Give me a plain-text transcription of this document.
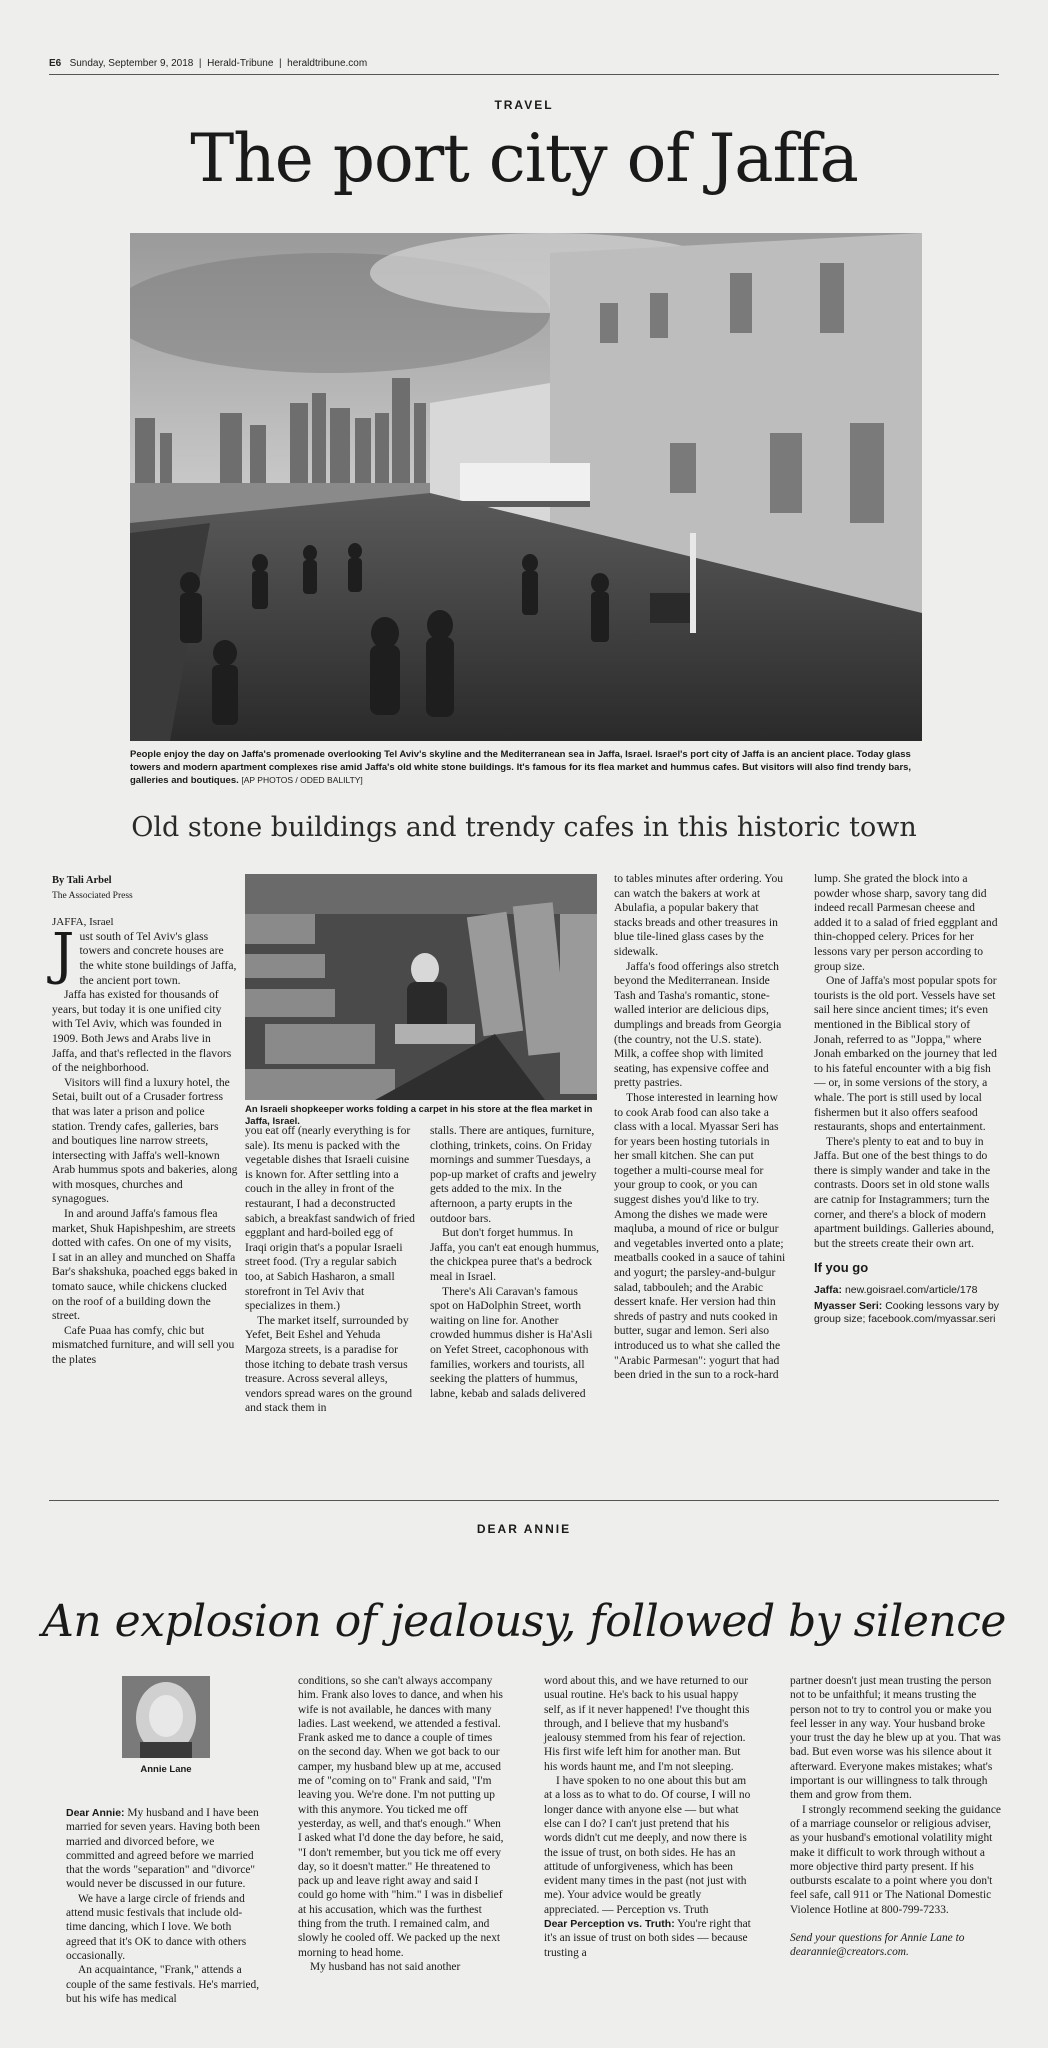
E6 Sunday, September 9, 2018  |  Herald-Tribune  |  heraldtribune.com
TRAVEL
The port city of Jaffa
People enjoy the day on Jaffa's promenade overlooking Tel Aviv's skyline and the Mediterranean sea in Jaffa, Israel. Israel's port city of Jaffa is an ancient place. Today glass towers and modern apartment complexes rise amid Jaffa's old white stone buildings. It's famous for its flea market and hummus cafes. But visitors will also find trendy bars, galleries and boutiques. [AP PHOTOS / ODED BALILTY]
Old stone buildings and trendy cafes in this historic town
By Tali Arbel
The Associated Press
JAFFA, Israel

Just south of Tel Aviv's glass towers and concrete houses are the white stone buildings of Jaffa, the ancient port town.

Jaffa has existed for thousands of years, but today it is one unified city with Tel Aviv, which was founded in 1909. Both Jews and Arabs live in Jaffa, and that's reflected in the flavors of the neighborhood.

Visitors will find a luxury hotel, the Setai, built out of a Crusader fortress that was later a prison and police station. Trendy cafes, galleries, bars and boutiques line narrow streets, intersecting with Jaffa's well-known Arab hummus spots and bakeries, along with mosques, churches and synagogues.

In and around Jaffa's famous flea market, Shuk Hapishpeshim, are streets dotted with cafes. On one of my visits, I sat in an alley and munched on Shaffa Bar's shakshuka, poached eggs baked in tomato sauce, while chickens clucked on the roof of a building down the street.

Cafe Puaa has comfy, chic but mismatched furniture, and will sell you the plates

An Israeli shopkeeper works folding a carpet in his store at the flea market in Jaffa, Israel.

you eat off (nearly everything is for sale). Its menu is packed with the vegetable dishes that Israeli cuisine is known for. After settling into a couch in the alley in front of the restaurant, I had a deconstructed sabich, a breakfast sandwich of fried eggplant and hard-boiled egg of Iraqi origin that's a popular Israeli street food. (Try a regular sabich too, at Sabich Hasharon, a small storefront in Tel Aviv that specializes in them.)

The market itself, surrounded by Yefet, Beit Eshel and Yehuda Margoza streets, is a paradise for those itching to debate trash versus treasure. Across several alleys, vendors spread wares on the ground and stack them in

stalls. There are antiques, furniture, clothing, trinkets, coins. On Friday mornings and summer Tuesdays, a pop-up market of crafts and jewelry gets added to the mix. In the afternoon, a party erupts in the outdoor bars.

But don't forget hummus. In Jaffa, you can't eat enough hummus, the chickpea puree that's a bedrock meal in Israel.

There's Ali Caravan's famous spot on HaDolphin Street, worth waiting on line for. Another crowded hummus disher is Ha'Asli on Yefet Street, cacophonous with families, workers and tourists, all seeking the platters of hummus, labne, kebab and salads delivered

to tables minutes after ordering. You can watch the bakers at work at Abulafia, a popular bakery that stacks breads and other treasures in blue tile-lined glass cases by the sidewalk.

Jaffa's food offerings also stretch beyond the Mediterranean. Inside Tash and Tasha's romantic, stone-walled interior are delicious dips, dumplings and breads from Georgia (the country, not the U.S. state). Milk, a coffee shop with limited seating, has expensive coffee and pretty pastries.

Those interested in learning how to cook Arab food can also take a class with a local. Myassar Seri has for years been hosting tutorials in her small kitchen. She can put together a multi-course meal for your group to cook, or you can suggest dishes you'd like to try. Among the dishes we made were maqluba, a mound of rice or bulgur and vegetables inverted onto a plate; meatballs cooked in a sauce of tahini and yogurt; the parsley-and-bulgur salad, tabbouleh; and the Arabic dessert knafe. Her version had thin shreds of pastry and nuts cooked in butter, sugar and lemon. Seri also introduced us to what she called the "Arabic Parmesan": yogurt that had been dried in the sun to a rock-hard

lump. She grated the block into a powder whose sharp, savory tang did indeed recall Parmesan cheese and added it to a salad of fried eggplant and thin-chopped celery. Prices for her lessons vary per person according to group size.

One of Jaffa's most popular spots for tourists is the old port. Vessels have set sail here since ancient times; it's even mentioned in the Biblical story of Jonah, referred to as "Joppa," where Jonah embarked on the journey that led to his fateful encounter with a big fish — or, in some versions of the story, a whale. The port is still used by local fishermen but it also offers seafood restaurants, shops and entertainment.

There's plenty to eat and to buy in Jaffa. But one of the best things to do there is simply wander and take in the contrasts. Doors set in old stone walls are catnip for Instagrammers; turn the corner, and there's a block of modern apartment buildings. Galleries abound, but the streets create their own art.

If you go

Jaffa: new.goisrael.com/article/178

Myasser Seri: Cooking lessons vary by group size; facebook.com/myassar.seri

DEAR ANNIE
An explosion of jealousy, followed by silence
Annie Lane

Dear Annie: My husband and I have been married for seven years. Having both been married and divorced before, we committed and agreed before we married that the words "separation" and "divorce" would never be discussed in our future.

We have a large circle of friends and attend music festivals that include old-time dancing, which I love. We both agreed that it's OK to dance with others occasionally.

An acquaintance, "Frank," attends a couple of the same festivals. He's married, but his wife has medical

conditions, so she can't always accompany him. Frank also loves to dance, and when his wife is not available, he dances with many ladies. Last weekend, we attended a festival. Frank asked me to dance a couple of times on the second day. When we got back to our camper, my husband blew up at me, accused me of "coming on to" Frank and said, "I'm leaving you. We're done. I'm not putting up with this anymore. You ticked me off yesterday, as well, and that's enough." When I asked what I'd done the day before, he said, "I don't remember, but you tick me off every day, so it doesn't matter." He threatened to pack up and leave right away and said I could go home with "him." I was in disbelief at his accusation, which was the furthest thing from the truth. I remained calm, and slowly he cooled off. We packed up the next morning to head home.

My husband has not said another

word about this, and we have returned to our usual routine. He's back to his usual happy self, as if it never happened! I've thought this through, and I believe that my husband's jealousy stemmed from his fear of rejection. His first wife left him for another man. But his words haunt me, and I'm not sleeping.

I have spoken to no one about this but am at a loss as to what to do. Of course, I will no longer dance with anyone else — but what else can I do? I can't just pretend that his words didn't cut me deeply, and now there is the issue of trust, on both sides. He has an attitude of unforgiveness, which has been evident many times in the past (not just with me). Your advice would be greatly appreciated. — Perception vs. Truth

Dear Perception vs. Truth: You're right that it's an issue of trust on both sides — because trusting a

partner doesn't just mean trusting the person not to be unfaithful; it means trusting the person not to try to control you or make you feel lesser in any way. Your husband broke your trust the day he blew up at you. That was bad. But even worse was his silence about it afterward. Everyone makes mistakes; what's important is our willingness to talk through them and grow from them.

I strongly recommend seeking the guidance of a marriage counselor or religious adviser, as your husband's emotional volatility might make it difficult to work through without a more objective third party present. If his outbursts escalate to a point where you don't feel safe, call 911 or The National Domestic Violence Hotline at 800-799-7233.

Send your questions for Annie Lane to dearannie@creators.com.
